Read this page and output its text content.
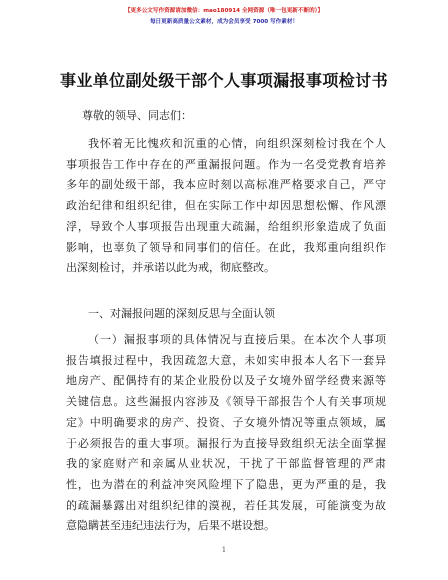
【更多公文写作资源请加微信：mao180914 全网资源（唯一包更新不断的）】
每日更新高质量公文素材，成为会员享受 7000 写作素材！
事业单位副处级干部个人事项漏报事项检讨书
尊敬的领导、同志们：
我怀着无比愧疚和沉重的心情，向组织深刻检讨我在个人
事项报告工作中存在的严重漏报问题。作为一名受党教育培养
多年的副处级干部，我本应时刻以高标准严格要求自己，严守
政治纪律和组织纪律，但在实际工作中却因思想松懈、作风漂
浮，导致个人事项报告出现重大疏漏，给组织形象造成了负面
影响，也辜负了领导和同事们的信任。在此，我郑重向组织作
出深刻检讨，并承诺以此为戒，彻底整改。
一、对漏报问题的深刻反思与全面认领
（一）漏报事项的具体情况与直接后果。在本次个人事项
报告填报过程中，我因疏忽大意，未如实申报本人名下一套异
地房产、配偶持有的某企业股份以及子女境外留学经费来源等
关键信息。这些漏报内容涉及《领导干部报告个人有关事项规
定》中明确要求的房产、投资、子女境外情况等重点领域，属
于必须报告的重大事项。漏报行为直接导致组织无法全面掌握
我的家庭财产和亲属从业状况，干扰了干部监督管理的严肃
性，也为潜在的利益冲突风险埋下了隐患，更为严重的是，我
的疏漏暴露出对组织纪律的漠视，若任其发展，可能演变为故
意隐瞒甚至违纪违法行为，后果不堪设想。
1
